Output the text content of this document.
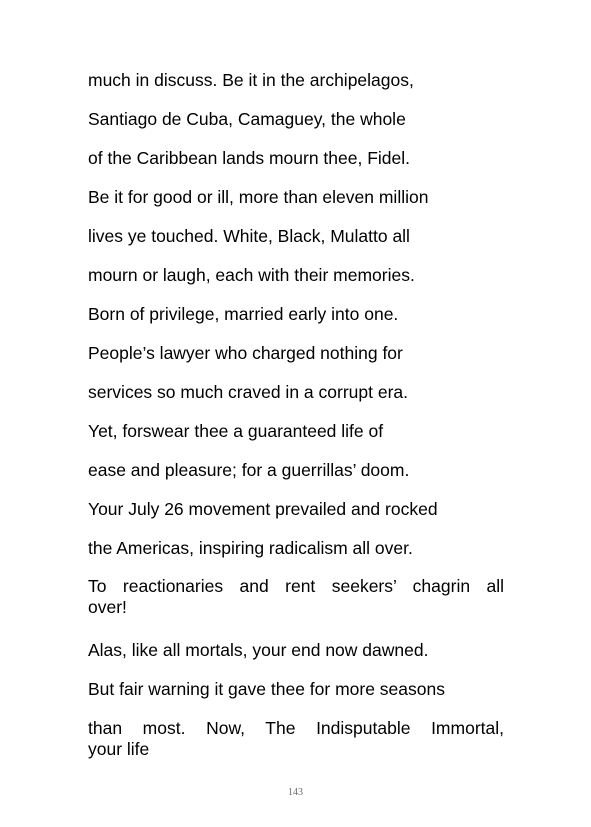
much in discuss. Be it in the archipelagos,
Santiago de Cuba, Camaguey, the whole
of the Caribbean lands mourn thee, Fidel.
Be it for good or ill, more than eleven million
lives ye touched. White, Black, Mulatto all
mourn or laugh, each with their memories.
Born of privilege, married early into one.
People’s lawyer who charged nothing for
services so much craved in a corrupt era.
Yet, forswear thee a guaranteed life of
ease and pleasure; for a guerrillas’ doom.
Your July 26 movement prevailed and rocked
the Americas, inspiring radicalism all over.
To reactionaries and rent seekers’ chagrin all
over!
Alas, like all mortals, your end now dawned.
But fair warning it gave thee for more seasons
than most. Now, The Indisputable Immortal,
your life
143
